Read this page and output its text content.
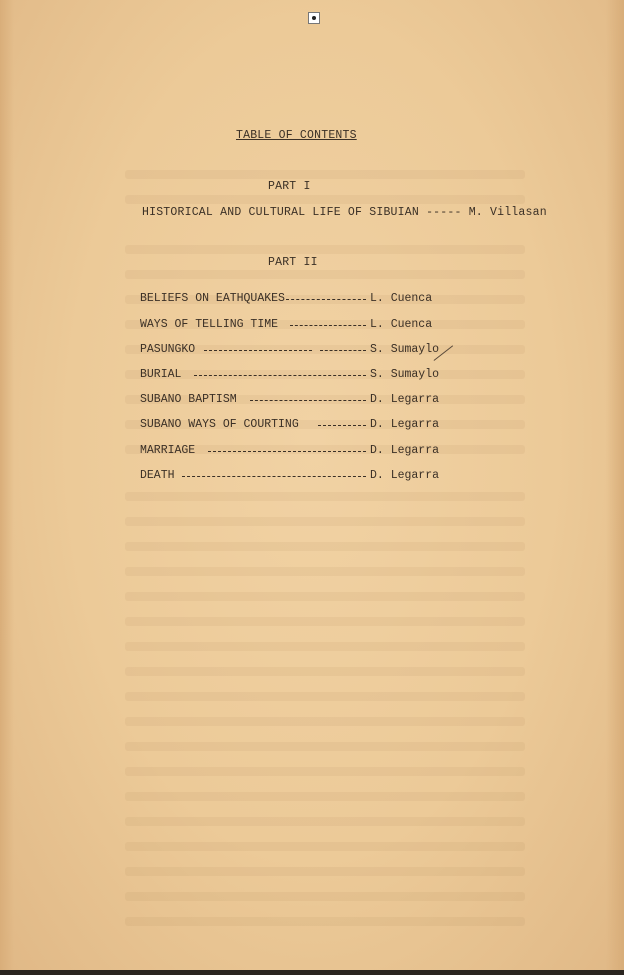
TABLE OF CONTENTS
PART I
HISTORICAL AND CULTURAL LIFE OF SIBUIAN ----- M. Villasan
PART II
BELIEFS ON EATHQUAKES	L. Cuenca
WAYS OF TELLING TIME	L. Cuenca
PASUNGKO	S. Sumaylo
BURIAL	S. Sumaylo
SUBANO BAPTISM	D. Legarra
SUBANO WAYS OF COURTING	D. Legarra
MARRIAGE	D. Legarra
DEATH	D. Legarra
